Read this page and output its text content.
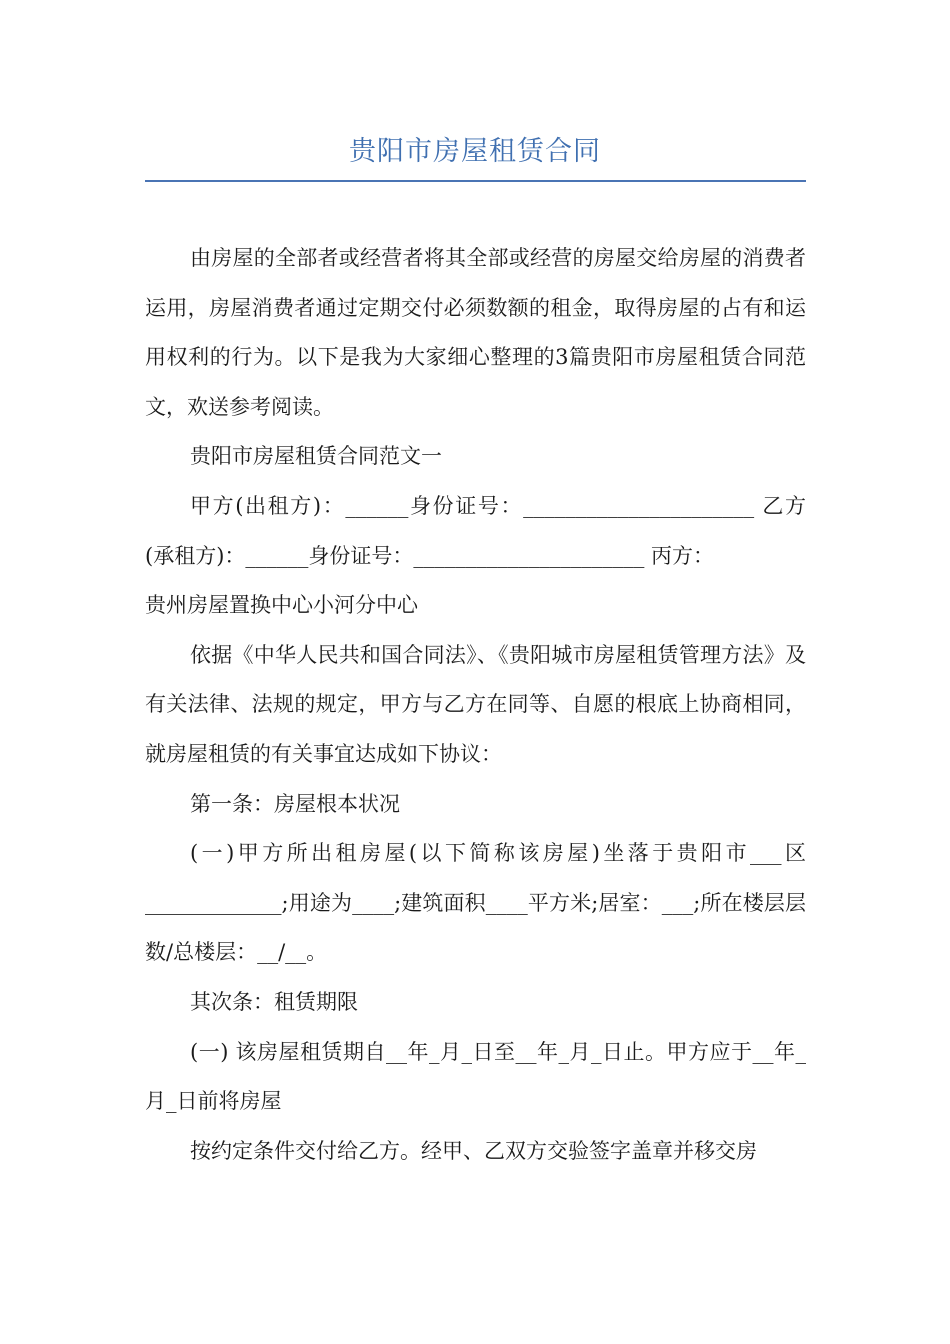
贵阳市房屋租赁合同

由房屋的全部者或经营者将其全部或经营的房屋交给房屋的消费者运用，房屋消费者通过定期交付必须数额的租金，取得房屋的占有和运用权利的行为。以下是我为大家细心整理的3篇贵阳市房屋租赁合同范文，欢送参考阅读。

贵阳市房屋租赁合同范文一

甲方(出租方)：______身份证号：______________________ 乙方 (承租方)：______身份证号：______________________ 丙方：

贵州房屋置换中心小河分中心

依据《中华人民共和国合同法》、《贵阳城市房屋租赁管理方法》及有关法律、法规的规定，甲方与乙方在同等、自愿的根底上协商相同，就房屋租赁的有关事宜达成如下协议：

第一条：房屋根本状况

(一)甲方所出租房屋(以下简称该房屋)坐落于贵阳市___区_____________;用途为____;建筑面积____平方米;居室：___;所在楼层层数/总楼层：__/__。

其次条：租赁期限

(一) 该房屋租赁期自__年_月_日至__年_月_日止。甲方应于__年_月_日前将房屋

按约定条件交付给乙方。经甲、乙双方交验签字盖章并移交房
